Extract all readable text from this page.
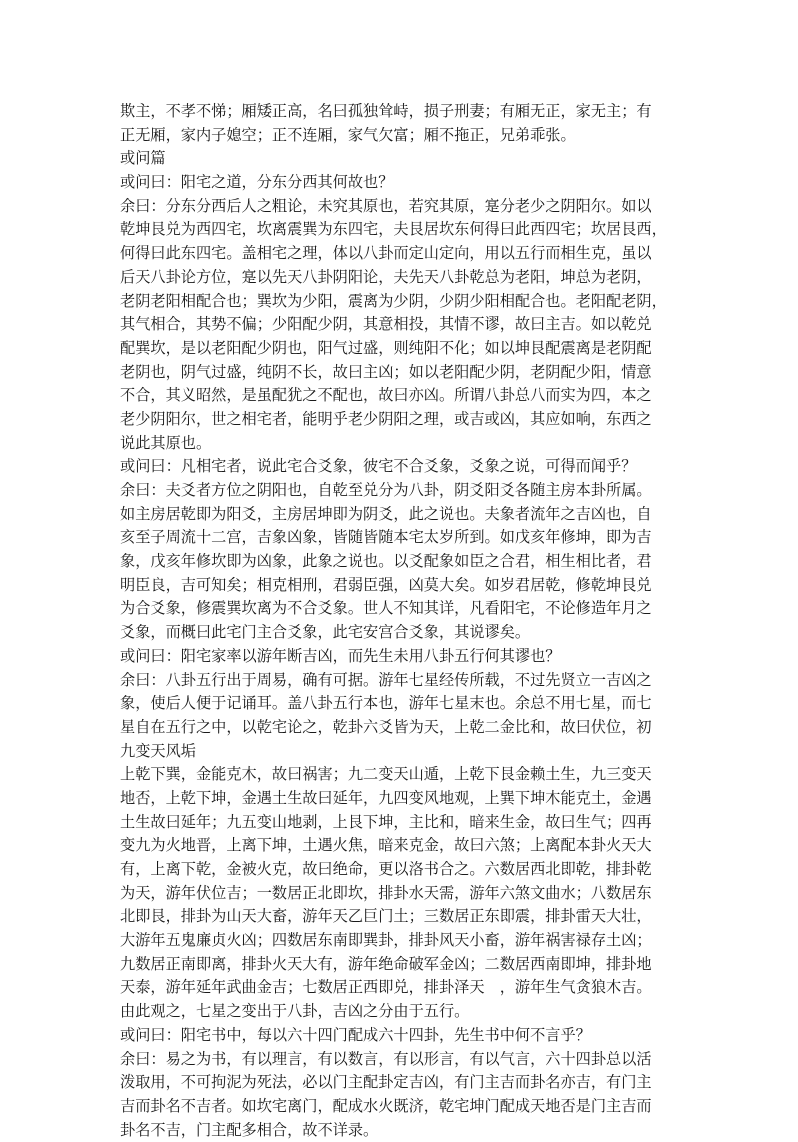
欺主，不孝不悌；厢矮正高，名曰孤独耸峙，损子刑妻；有厢无正，家无主；有
正无厢，家内子媳空；正不连厢，家气欠富；厢不拖正，兄弟乖张。
或问篇
或问曰：阳宅之道，分东分西其何故也？
余曰：分东分西后人之粗论，未究其原也，若究其原，寔分老少之阴阳尔。如以
乾坤艮兑为西四宅，坎离震巽为东四宅，夫艮居坎东何得曰此西四宅；坎居艮西，
何得曰此东四宅。盖相宅之理，体以八卦而定山定向，用以五行而相生克，虽以
后天八卦论方位，寔以先天八卦阴阳论，夫先天八卦乾总为老阳，坤总为老阴，
老阴老阳相配合也；巽坎为少阳，震离为少阴，少阴少阳相配合也。老阳配老阴，
其气相合，其势不偏；少阳配少阴，其意相投，其情不谬，故曰主吉。如以乾兑
配巽坎，是以老阳配少阴也，阳气过盛，则纯阳不化；如以坤艮配震离是老阴配
老阴也，阴气过盛，纯阴不长，故曰主凶；如以老阳配少阴，老阴配少阳，情意
不合，其义昭然，是虽配犹之不配也，故曰亦凶。所谓八卦总八而实为四，本之
老少阴阳尔，世之相宅者，能明乎老少阴阳之理，或吉或凶，其应如响，东西之
说此其原也。
或问曰：凡相宅者，说此宅合爻象，彼宅不合爻象，爻象之说，可得而闻乎？
余曰：夫爻者方位之阴阳也，自乾至兑分为八卦，阴爻阳爻各随主房本卦所属。
如主房居乾即为阳爻，主房居坤即为阴爻，此之说也。夫象者流年之吉凶也，自
亥至子周流十二宫，吉象凶象，皆随皆随本宅太岁所到。如戊亥年修坤，即为吉
象，戊亥年修坎即为凶象，此象之说也。以爻配象如臣之合君，相生相比者，君
明臣良，吉可知矣；相克相刑，君弱臣强，凶莫大矣。如岁君居乾，修乾坤艮兑
为合爻象，修震巽坎离为不合爻象。世人不知其详，凡看阳宅，不论修造年月之
爻象，而概曰此宅门主合爻象，此宅安宫合爻象，其说谬矣。
或问曰：阳宅家率以游年断吉凶，而先生未用八卦五行何其谬也？
余曰：八卦五行出于周易，确有可据。游年七星经传所载，不过先贤立一吉凶之
象，使后人便于记诵耳。盖八卦五行本也，游年七星末也。余总不用七星，而七
星自在五行之中，以乾宅论之，乾卦六爻皆为天，上乾二金比和，故曰伏位，初
九变天风垢
上乾下巽，金能克木，故曰祸害；九二变天山遁，上乾下艮金赖土生，九三变天
地否，上乾下坤，金遇土生故曰延年，九四变风地观，上巽下坤木能克土，金遇
土生故曰延年；九五变山地剥，上艮下坤，主比和，暗来生金，故曰生气；四再
变九为火地晋，上离下坤，土遇火焦，暗来克金，故曰六煞；上离配本卦火天大
有，上离下乾，金被火克，故曰绝命，更以洛书合之。六数居西北即乾，排卦乾
为天，游年伏位吉；一数居正北即坎，排卦水天需，游年六煞文曲水；八数居东
北即艮，排卦为山天大畜，游年天乙巨门土；三数居正东即震，排卦雷天大壮，
大游年五鬼廉贞火凶；四数居东南即巽卦，排卦风天小畜，游年祸害禄存土凶；
九数居正南即离，排卦火天大有，游年绝命破军金凶；二数居西南即坤，排卦地
天泰，游年延年武曲金吉；七数居正西即兑，排卦泽天　，游年生气贪狼木吉。
由此观之，七星之变出于八卦，吉凶之分由于五行。
或问曰：阳宅书中，每以六十四门配成六十四卦，先生书中何不言乎？
余曰：易之为书，有以理言，有以数言，有以形言，有以气言，六十四卦总以活
泼取用，不可拘泥为死法，必以门主配卦定吉凶，有门主吉而卦名亦吉，有门主
吉而卦名不吉者。如坎宅离门，配成水火既济，乾宅坤门配成天地否是门主吉而
卦名不吉，门主配多相合，故不详录。
